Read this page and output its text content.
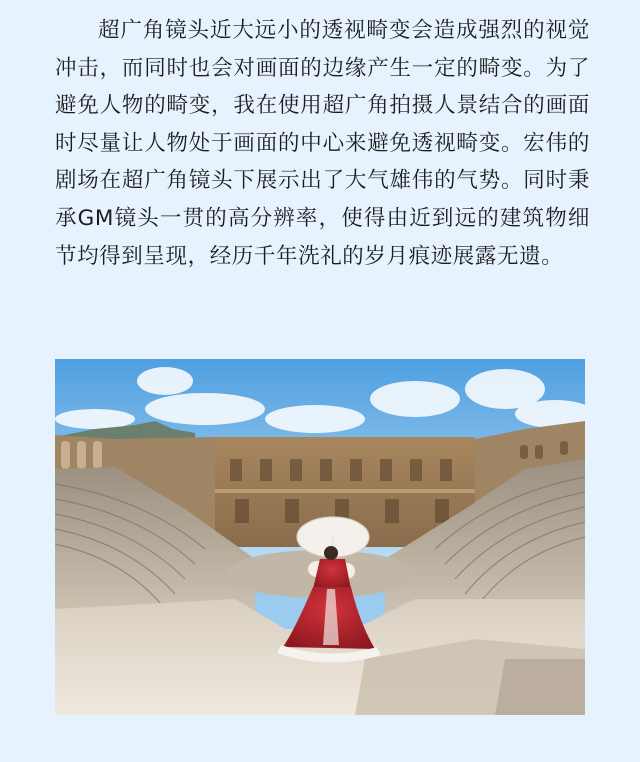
超广角镜头近大远小的透视畸变会造成强烈的视觉冲击，而同时也会对画面的边缘产生一定的畸变。为了避免人物的畸变，我在使用超广角拍摄人景结合的画面时尽量让人物处于画面的中心来避免透视畸变。宏伟的剧场在超广角镜头下展示出了大气雄伟的气势。同时秉承GM镜头一贯的高分辨率，使得由近到远的建筑物细节均得到呈现，经历千年洗礼的岁月痕迹展露无遗。
